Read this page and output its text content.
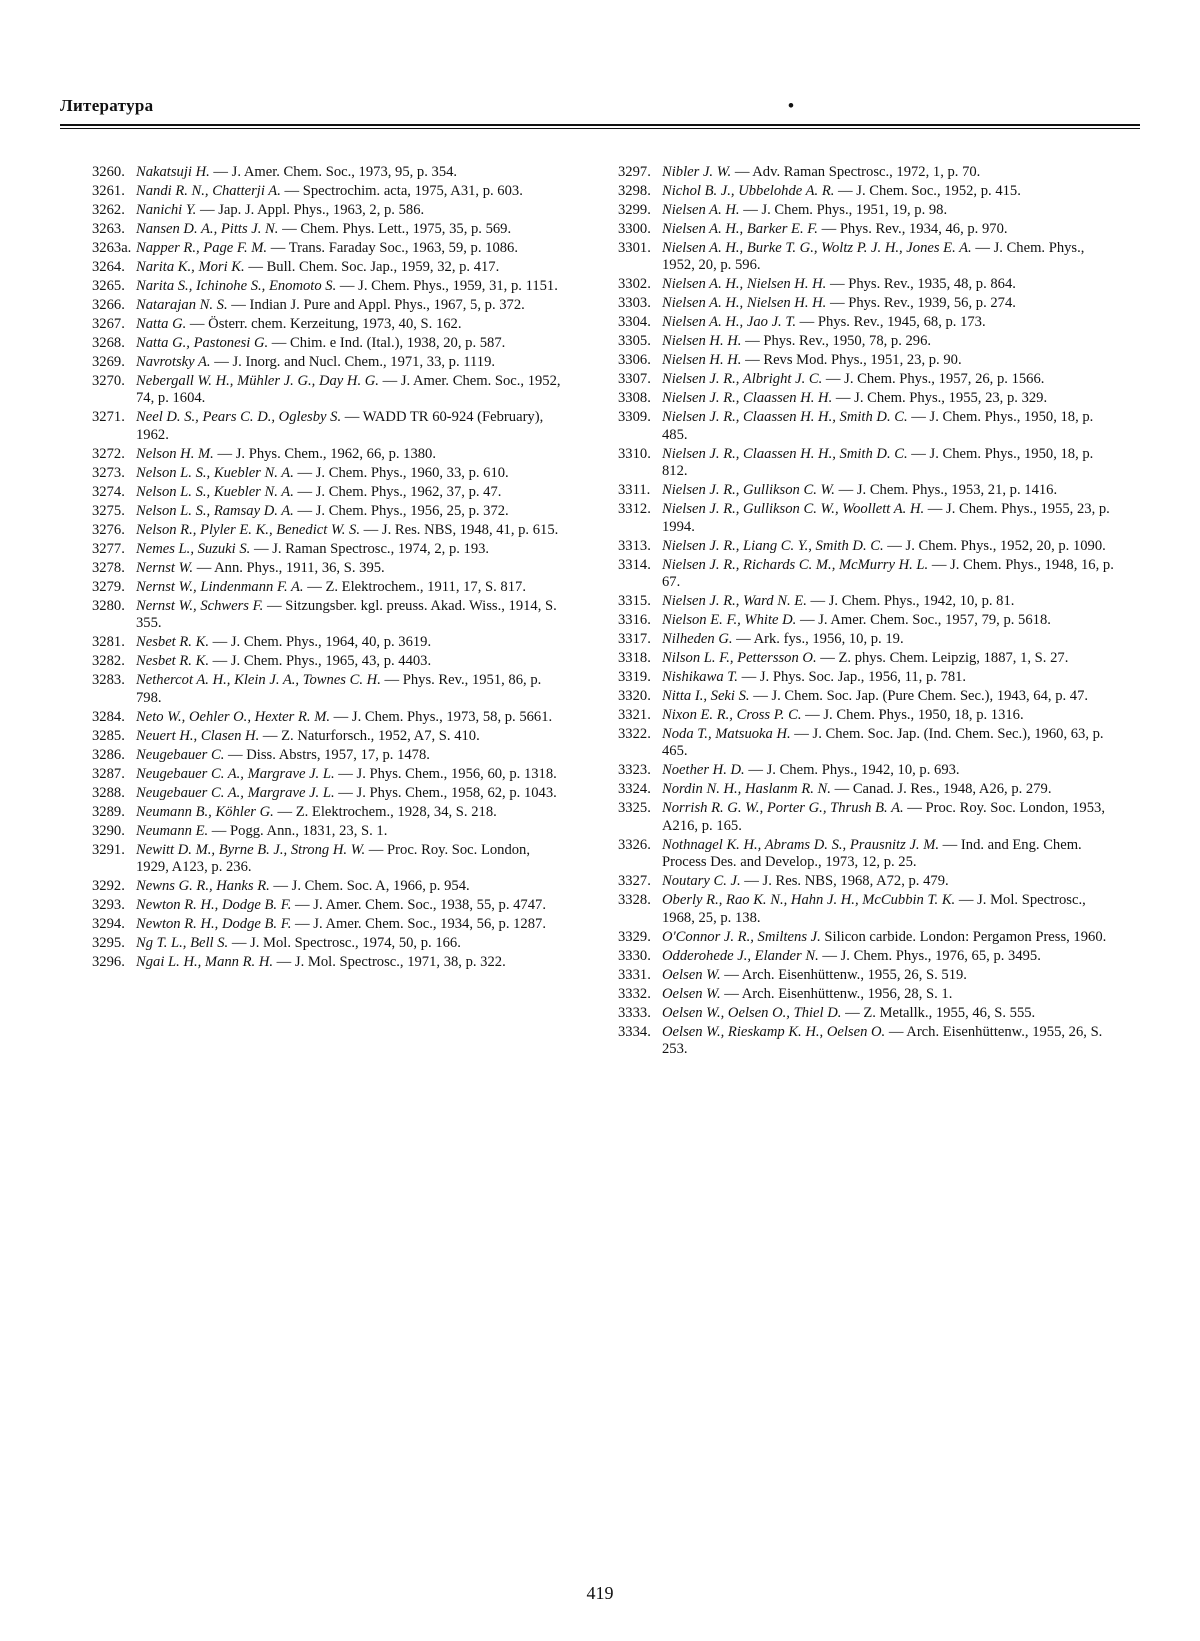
Литература	•
3260. Nakatsuji H. — J. Amer. Chem. Soc., 1973, 95, p. 354.
3261. Nandi R. N., Chatterji A. — Spectrochim. acta, 1975, A31, p. 603.
3262. Nanichi Y. — Jap. J. Appl. Phys., 1963, 2, p. 586.
3263. Nansen D. A., Pitts J. N. — Chem. Phys. Lett., 1975, 35, p. 569.
3263a. Napper R., Page F. M. — Trans. Faraday Soc., 1963, 59, p. 1086.
3264. Narita K., Mori K. — Bull. Chem. Soc. Jap., 1959, 32, p. 417.
3265. Narita S., Ichinohe S., Enomoto S. — J. Chem. Phys., 1959, 31, p. 1151.
3266. Natarajan N. S. — Indian J. Pure and Appl. Phys., 1967, 5, p. 372.
3267. Natta G. — Österr. chem. Kerzeitung, 1973, 40, S. 162.
3268. Natta G., Pastonesi G. — Chim. e Ind. (Ital.), 1938, 20, p. 587.
3269. Navrotsky A. — J. Inorg. and Nucl. Chem., 1971, 33, p. 1119.
3270. Nebergall W. H., Mühler J. G., Day H. G. — J. Amer. Chem. Soc., 1952, 74, p. 1604.
3271. Neel D. S., Pears C. D., Oglesby S. — WADD TR 60-924 (February), 1962.
3272. Nelson H. M. — J. Phys. Chem., 1962, 66, p. 1380.
3273. Nelson L. S., Kuebler N. A. — J. Chem. Phys., 1960, 33, p. 610.
3274. Nelson L. S., Kuebler N. A. — J. Chem. Phys., 1962, 37, p. 47.
3275. Nelson L. S., Ramsay D. A. — J. Chem. Phys., 1956, 25, p. 372.
3276. Nelson R., Plyler E. K., Benedict W. S. — J. Res. NBS, 1948, 41, p. 615.
3277. Nemes L., Suzuki S. — J. Raman Spectrosc., 1974, 2, p. 193.
3278. Nernst W. — Ann. Phys., 1911, 36, S. 395.
3279. Nernst W., Lindenmann F. A. — Z. Elektrochem., 1911, 17, S. 817.
3280. Nernst W., Schwers F. — Sitzungsber. kgl. preuss. Akad. Wiss., 1914, S. 355.
3281. Nesbet R. K. — J. Chem. Phys., 1964, 40, p. 3619.
3282. Nesbet R. K. — J. Chem. Phys., 1965, 43, p. 4403.
3283. Nethercot A. H., Klein J. A., Townes C. H. — Phys. Rev., 1951, 86, p. 798.
3284. Neto W., Oehler O., Hexter R. M. — J. Chem. Phys., 1973, 58, p. 5661.
3285. Neuert H., Clasen H. — Z. Naturforsch., 1952, A7, S. 410.
3286. Neugebauer C. — Diss. Abstrs, 1957, 17, p. 1478.
3287. Neugebauer C. A., Margrave J. L. — J. Phys. Chem., 1956, 60, p. 1318.
3288. Neugebauer C. A., Margrave J. L. — J. Phys. Chem., 1958, 62, p. 1043.
3289. Neumann B., Köhler G. — Z. Elektrochem., 1928, 34, S. 218.
3290. Neumann E. — Pogg. Ann., 1831, 23, S. 1.
3291. Newitt D. M., Byrne B. J., Strong H. W. — Proc. Roy. Soc. London, 1929, A123, p. 236.
3292. Newns G. R., Hanks R. — J. Chem. Soc. A, 1966, p. 954.
3293. Newton R. H., Dodge B. F. — J. Amer. Chem. Soc., 1938, 55, p. 4747.
3294. Newton R. H., Dodge B. F. — J. Amer. Chem. Soc., 1934, 56, p. 1287.
3295. Ng T. L., Bell S. — J. Mol. Spectrosc., 1974, 50, p. 166.
3296. Ngai L. H., Mann R. H. — J. Mol. Spectrosc., 1971, 38, p. 322.
3297. Nibler J. W. — Adv. Raman Spectrosc., 1972, 1, p. 70.
3298. Nichol B. J., Ubbelohde A. R. — J. Chem. Soc., 1952, p. 415.
3299. Nielsen A. H. — J. Chem. Phys., 1951, 19, p. 98.
3300. Nielsen A. H., Barker E. F. — Phys. Rev., 1934, 46, p. 970.
3301. Nielsen A. H., Burke T. G., Woltz P. J. H., Jones E. A. — J. Chem. Phys., 1952, 20, p. 596.
3302. Nielsen A. H., Nielsen H. H. — Phys. Rev., 1935, 48, p. 864.
3303. Nielsen A. H., Nielsen H. H. — Phys. Rev., 1939, 56, p. 274.
3304. Nielsen A. H., Jao J. T. — Phys. Rev., 1945, 68, p. 173.
3305. Nielsen H. H. — Phys. Rev., 1950, 78, p. 296.
3306. Nielsen H. H. — Revs Mod. Phys., 1951, 23, p. 90.
3307. Nielsen J. R., Albright J. C. — J. Chem. Phys., 1957, 26, p. 1566.
3308. Nielsen J. R., Claassen H. H. — J. Chem. Phys., 1955, 23, p. 329.
3309. Nielsen J. R., Claassen H. H., Smith D. C. — J. Chem. Phys., 1950, 18, p. 485.
3310. Nielsen J. R., Claassen H. H., Smith D. C. — J. Chem. Phys., 1950, 18, p. 812.
3311. Nielsen J. R., Gullikson C. W. — J. Chem. Phys., 1953, 21, p. 1416.
3312. Nielsen J. R., Gullikson C. W., Woollett A. H. — J. Chem. Phys., 1955, 23, p. 1994.
3313. Nielsen J. R., Liang C. Y., Smith D. C. — J. Chem. Phys., 1952, 20, p. 1090.
3314. Nielsen J. R., Richards C. M., McMurry H. L. — J. Chem. Phys., 1948, 16, p. 67.
3315. Nielsen J. R., Ward N. E. — J. Chem. Phys., 1942, 10, p. 81.
3316. Nielson E. F., White D. — J. Amer. Chem. Soc., 1957, 79, p. 5618.
3317. Nilheden G. — Ark. fys., 1956, 10, p. 19.
3318. Nilson L. F., Pettersson O. — Z. phys. Chem. Leipzig, 1887, 1, S. 27.
3319. Nishikawa T. — J. Phys. Soc. Jap., 1956, 11, p. 781.
3320. Nitta I., Seki S. — J. Chem. Soc. Jap. (Pure Chem. Sec.), 1943, 64, p. 47.
3321. Nixon E. R., Cross P. C. — J. Chem. Phys., 1950, 18, p. 1316.
3322. Noda T., Matsuoka H. — J. Chem. Soc. Jap. (Ind. Chem. Sec.), 1960, 63, p. 465.
3323. Noether H. D. — J. Chem. Phys., 1942, 10, p. 693.
3324. Nordin N. H., Haslanm R. N. — Canad. J. Res., 1948, A26, p. 279.
3325. Norrish R. G. W., Porter G., Thrush B. A. — Proc. Roy. Soc. London, 1953, A216, p. 165.
3326. Nothnagel K. H., Abrams D. S., Prausnitz J. M. — Ind. and Eng. Chem. Process Des. and Develop., 1973, 12, p. 25.
3327. Noutary C. J. — J. Res. NBS, 1968, A72, p. 479.
3328. Oberly R., Rao K. N., Hahn J. H., McCubbin T. K. — J. Mol. Spectrosc., 1968, 25, p. 138.
3329. O'Connor J. R., Smiltens J. Silicon carbide. London: Pergamon Press, 1960.
3330. Odderohede J., Elander N. — J. Chem. Phys., 1976, 65, p. 3495.
3331. Oelsen W. — Arch. Eisenhüttenw., 1955, 26, S. 519.
3332. Oelsen W. — Arch. Eisenhüttenw., 1956, 28, S. 1.
3333. Oelsen W., Oelsen O., Thiel D. — Z. Metallk., 1955, 46, S. 555.
3334. Oelsen W., Rieskamp K. H., Oelsen O. — Arch. Eisenhüttenw., 1955, 26, S. 253.
419
